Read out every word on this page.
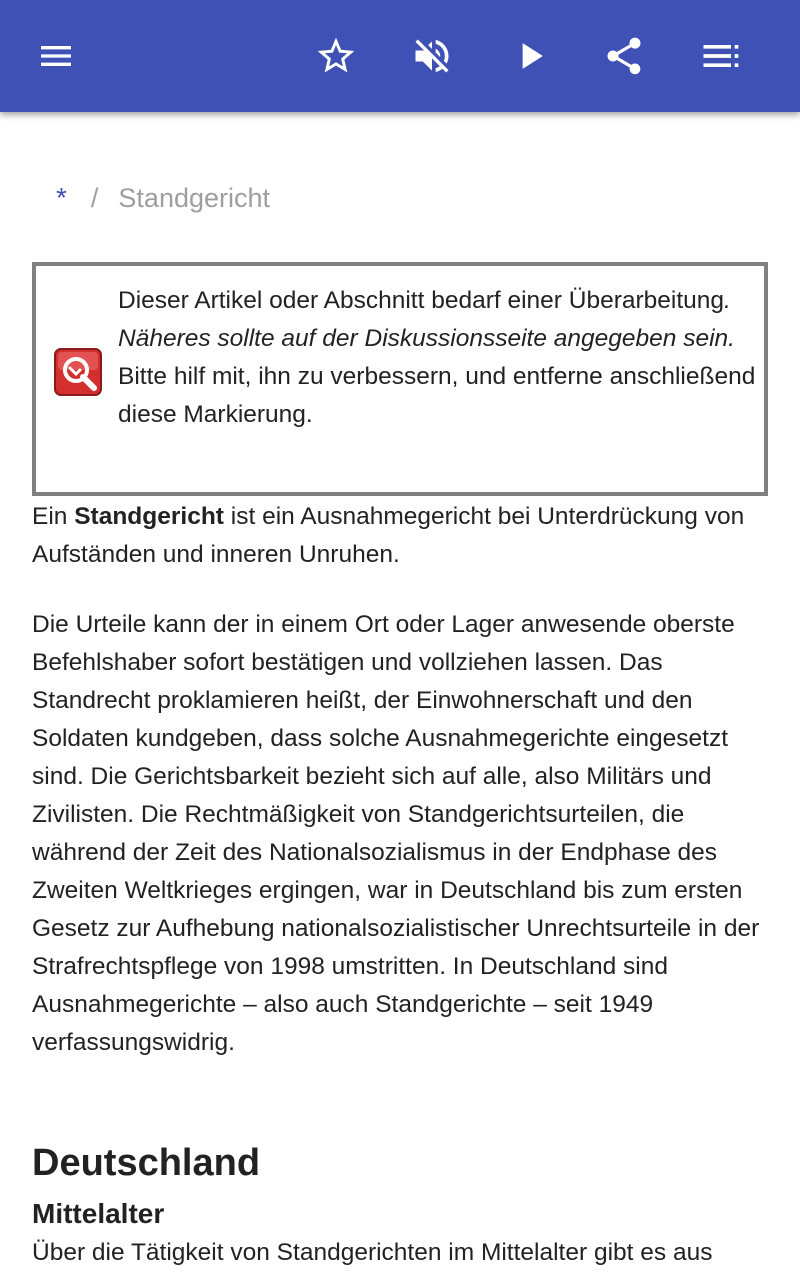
* / Standgericht
Dieser Artikel oder Abschnitt bedarf einer Überarbeitung. Näheres sollte auf der Diskussionsseite angegeben sein. Bitte hilf mit, ihn zu verbessern, und entferne anschließend diese Markierung.

Ein Standgericht ist ein Ausnahmegericht bei Unterdrückung von Aufständen und inneren Unruhen.

Die Urteile kann der in einem Ort oder Lager anwesende oberste Befehlshaber sofort bestätigen und vollziehen lassen. Das Standrecht proklamieren heißt, der Einwohnerschaft und den Soldaten kundgeben, dass solche Ausnahmegerichte eingesetzt sind. Die Gerichtsbarkeit bezieht sich auf alle, also Militärs und Zivilisten. Die Rechtmäßigkeit von Standgerichtsurteilen, die während der Zeit des Nationalsozialismus in der Endphase des Zweiten Weltkrieges ergingen, war in Deutschland bis zum ersten Gesetz zur Aufhebung nationalsozialistischer Unrechtsurteile in der Strafrechtspflege von 1998 umstritten. In Deutschland sind Ausnahmegerichte – also auch Standgerichte – seit 1949 verfassungswidrig.

Deutschland
Mittelalter

Über die Tätigkeit von Standgerichten im Mittelalter gibt es aus
